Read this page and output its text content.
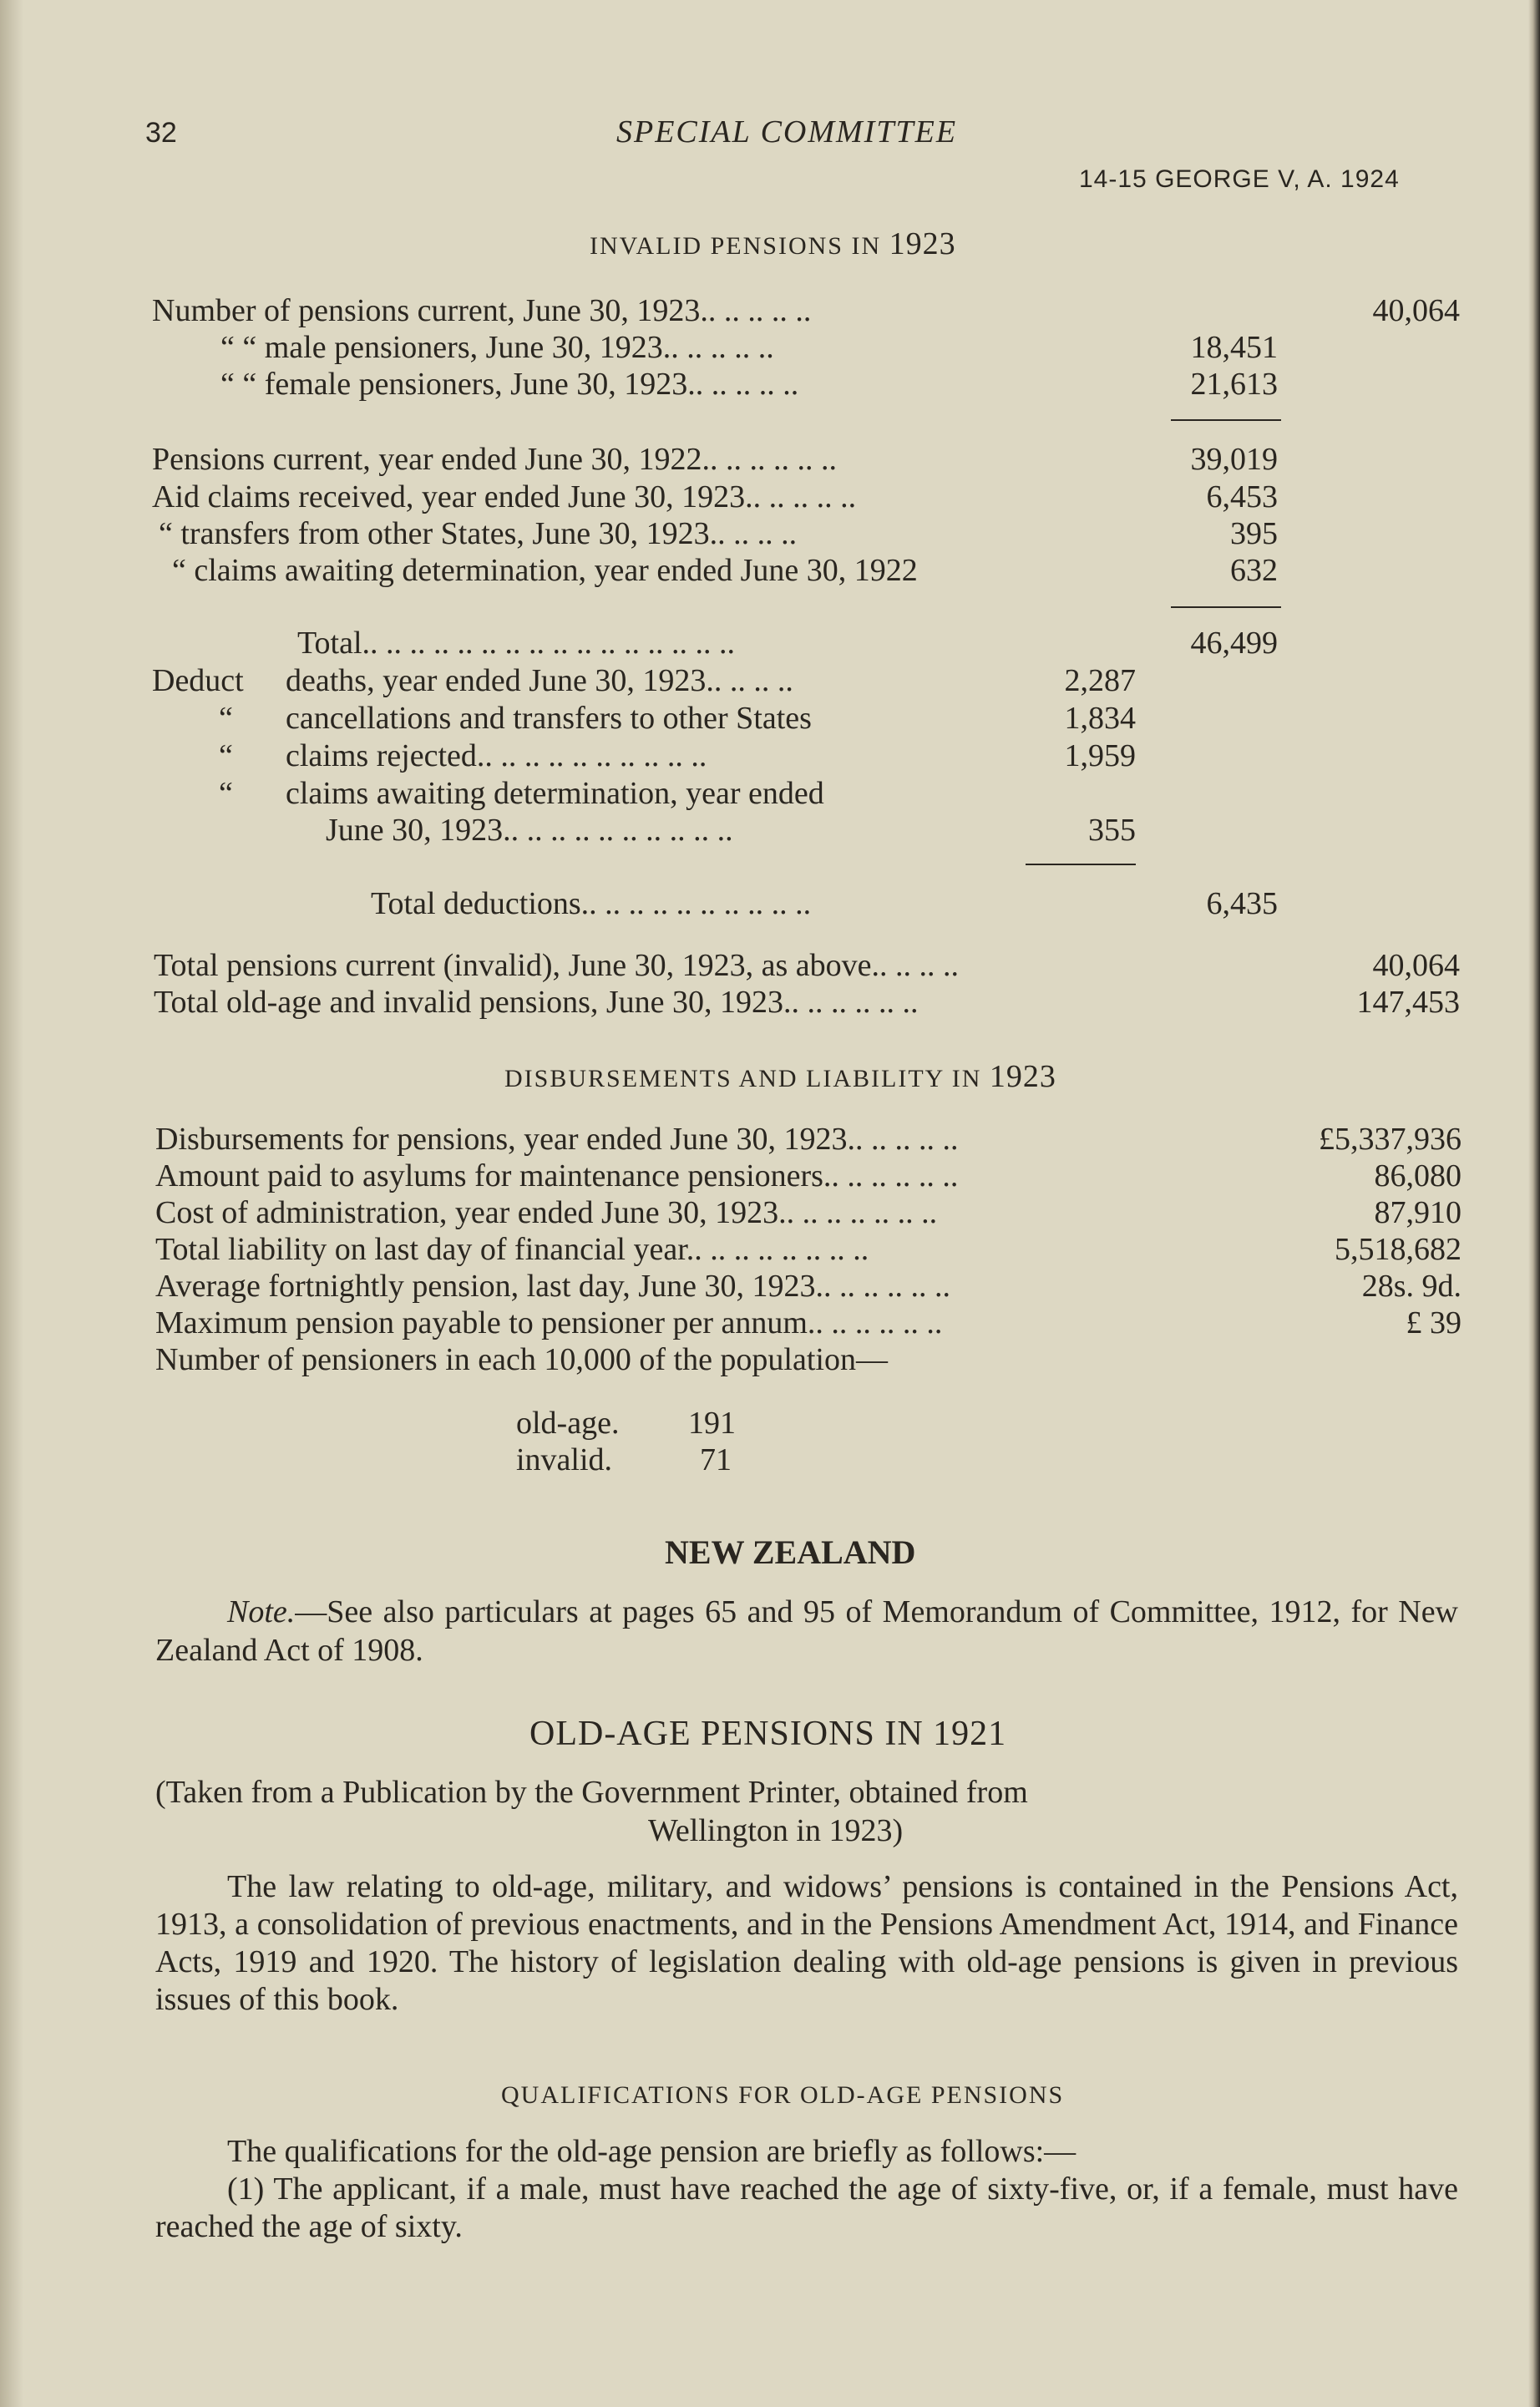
32	SPECIAL COMMITTEE
14-15 GEORGE V, A. 1924
INVALID PENSIONS IN 1923
Number of pensions current, June 30, 1923.. .. .. .. ..	40,064
“ “ male pensioners, June 30, 1923.. .. .. .. ..	18,451
“ “ female pensioners, June 30, 1923.. .. .. .. ..	21,613
Pensions current, year ended June 30, 1922.. .. .. .. .. ..	39,019
Aid claims received, year ended June 30, 1923.. .. .. .. ..	6,453
“ transfers from other States, June 30, 1923.. .. .. ..	395
“ claims awaiting determination, year ended June 30, 1922	632
Total.. .. .. .. .. .. .. .. .. .. .. .. .. .. .. ..	46,499
Deduct deaths, year ended June 30, 1923.. .. .. ..	2,287
“ cancellations and transfers to other States	1,834
“ claims rejected.. .. .. .. .. .. .. .. .. ..	1,959
“ claims awaiting determination, year ended
June 30, 1923.. .. .. .. .. .. .. .. .. ..	355
Total deductions.. .. .. .. .. .. .. .. .. ..	6,435
Total pensions current (invalid), June 30, 1923, as above.. .. .. ..	40,064
Total old-age and invalid pensions, June 30, 1923.. .. .. .. .. ..	147,453
DISBURSEMENTS AND LIABILITY IN 1923
Disbursements for pensions, year ended June 30, 1923.. .. .. .. ..	£5,337,936
Amount paid to asylums for maintenance pensioners.. .. .. .. .. ..	86,080
Cost of administration, year ended June 30, 1923.. .. .. .. .. .. ..	87,910
Total liability on last day of financial year.. .. .. .. .. .. .. ..	5,518,682
Average fortnightly pension, last day, June 30, 1923.. .. .. .. .. ..	28s. 9d.
Maximum pension payable to pensioner per annum.. .. .. .. .. ..	£ 39
Number of pensioners in each 10,000 of the population—
old-age. 191
invalid.	71
NEW ZEALAND
Note.—See also particulars at pages 65 and 95 of Memorandum of Committee, 1912, for New Zealand Act of 1908.
OLD-AGE PENSIONS IN 1921
(Taken from a Publication by the Government Printer, obtained from
Wellington in 1923)
The law relating to old-age, military, and widows’ pensions is contained in the Pensions Act, 1913, a consolidation of previous enactments, and in the Pensions Amendment Act, 1914, and Finance Acts, 1919 and 1920. The history of legislation dealing with old-age pensions is given in previous issues of this book.
QUALIFICATIONS FOR OLD-AGE PENSIONS
The qualifications for the old-age pension are briefly as follows:—
(1) The applicant, if a male, must have reached the age of sixty-five, or, if a female, must have reached the age of sixty.
